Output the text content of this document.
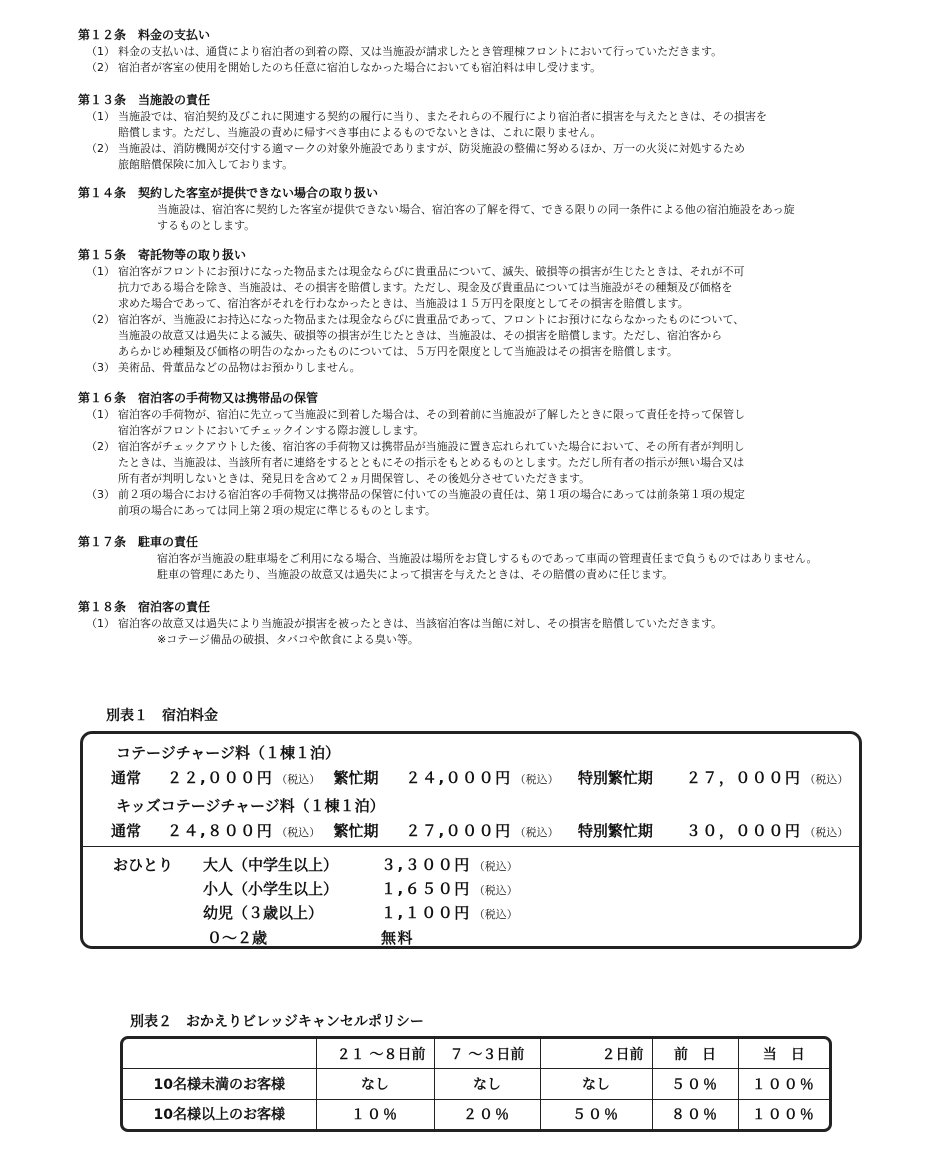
第１２条　料金の支払い
（1） 料金の支払いは、通貨により宿泊者の到着の際、又は当施設が請求したとき管理棟フロントにおいて行っていただきます。
（2） 宿泊者が客室の使用を開始したのち任意に宿泊しなかった場合においても宿泊料は申し受けます。
第１３条　当施設の責任
（1） 当施設では、宿泊契約及びこれに関連する契約の履行に当り、またそれらの不履行により宿泊者に損害を与えたときは、その損害を
賠償します。ただし、当施設の責めに帰すべき事由によるものでないときは、これに限りません。
（2） 当施設は、消防機関が交付する適マークの対象外施設でありますが、防災施設の整備に努めるほか、万一の火災に対処するため
旅館賠償保険に加入しております。
第１４条　契約した客室が提供できない場合の取り扱い
当施設は、宿泊客に契約した客室が提供できない場合、宿泊客の了解を得て、できる限りの同一条件による他の宿泊施設をあっ旋
するものとします。
第１５条　寄託物等の取り扱い
（1） 宿泊客がフロントにお預けになった物品または現金ならびに貴重品について、滅失、破損等の損害が生じたときは、それが不可
抗力である場合を除き、当施設は、その損害を賠償します。ただし、現金及び貴重品については当施設がその種類及び価格を
求めた場合であって、宿泊客がそれを行わなかったときは、当施設は１５万円を限度としてその損害を賠償します。
（2） 宿泊客が、当施設にお持込になった物品または現金ならびに貴重品であって、フロントにお預けにならなかったものについて、
当施設の故意又は過失による滅失、破損等の損害が生じたときは、当施設は、その損害を賠償します。ただし、宿泊客から
あらかじめ種類及び価格の明告のなかったものについては、５万円を限度として当施設はその損害を賠償します。
（3） 美術品、骨董品などの品物はお預かりしません。
第１６条　宿泊客の手荷物又は携帯品の保管
（1） 宿泊客の手荷物が、宿泊に先立って当施設に到着した場合は、その到着前に当施設が了解したときに限って責任を持って保管し
宿泊客がフロントにおいてチェックインする際お渡しします。
（2） 宿泊客がチェックアウトした後、宿泊客の手荷物又は携帯品が当施設に置き忘れられていた場合において、その所有者が判明し
たときは、当施設は、当該所有者に連絡をするとともにその指示をもとめるものとします。ただし所有者の指示が無い場合又は
所有者が判明しないときは、発見日を含めて２ヵ月間保管し、その後処分させていただきます。
（3） 前２項の場合における宿泊客の手荷物又は携帯品の保管に付いての当施設の責任は、第１項の場合にあっては前条第１項の規定
前項の場合にあっては同上第２項の規定に準じるものとします。
第１７条　駐車の責任
宿泊客が当施設の駐車場をご利用になる場合、当施設は場所をお貸しするものであって車両の管理責任まで負うものではありません。
駐車の管理にあたり、当施設の故意又は過失によって損害を与えたときは、その賠償の責めに任じます。
第１８条　宿泊客の責任
（1） 宿泊客の故意又は過失により当施設が損害を被ったときは、当該宿泊客は当館に対し、その損害を賠償していただきます。
※コテージ備品の破損、タバコや飲食による臭い等。
別表１　宿泊料金
コテージチャージ料（１棟１泊）
通常 ２２,０００円 （税込） 繁忙期 ２４,０００円 （税込） 特別繁忙期 ２７，０００円 （税込）
キッズコテージチャージ料（１棟１泊）
通常 ２４,８００円 （税込） 繁忙期 ２７,０００円 （税込） 特別繁忙期 ３０，０００円 （税込）
おひとり 大人（中学生以上）	３,３００円 （税込）
小人（小学生以上）	１,６５０円 （税込）
幼児（３歳以上）	１,１００円 （税込）
０～２歳	無料
別表２　おかえりビレッジキャンセルポリシー
	２１ ～８日前	７ ～３日前	２日前	前　日	当　日
10名様未満のお客様	なし	なし	なし	５０％	１００％
10名様以上のお客様	１０％	２０％	５０％	８０％	１００％
